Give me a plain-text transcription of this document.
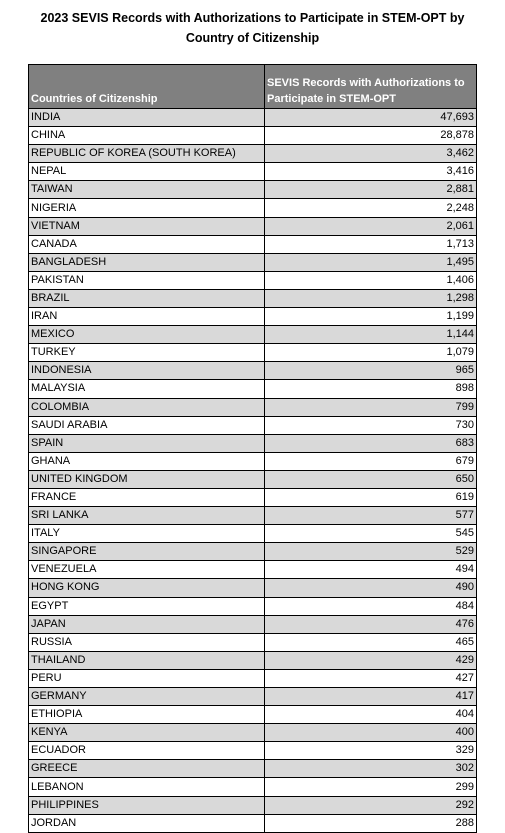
2023 SEVIS Records with Authorizations to Participate in STEM-OPT by
Country of Citizenship
Countries of Citizenship	SEVIS Records with Authorizations to Participate in STEM-OPT
INDIA	47,693
CHINA	28,878
REPUBLIC OF KOREA (SOUTH KOREA)	3,462
NEPAL	3,416
TAIWAN	2,881
NIGERIA	2,248
VIETNAM	2,061
CANADA	1,713
BANGLADESH	1,495
PAKISTAN	1,406
BRAZIL	1,298
IRAN	1,199
MEXICO	1,144
TURKEY	1,079
INDONESIA	965
MALAYSIA	898
COLOMBIA	799
SAUDI ARABIA	730
SPAIN	683
GHANA	679
UNITED KINGDOM	650
FRANCE	619
SRI LANKA	577
ITALY	545
SINGAPORE	529
VENEZUELA	494
HONG KONG	490
EGYPT	484
JAPAN	476
RUSSIA	465
THAILAND	429
PERU	427
GERMANY	417
ETHIOPIA	404
KENYA	400
ECUADOR	329
GREECE	302
LEBANON	299
PHILIPPINES	292
JORDAN	288
